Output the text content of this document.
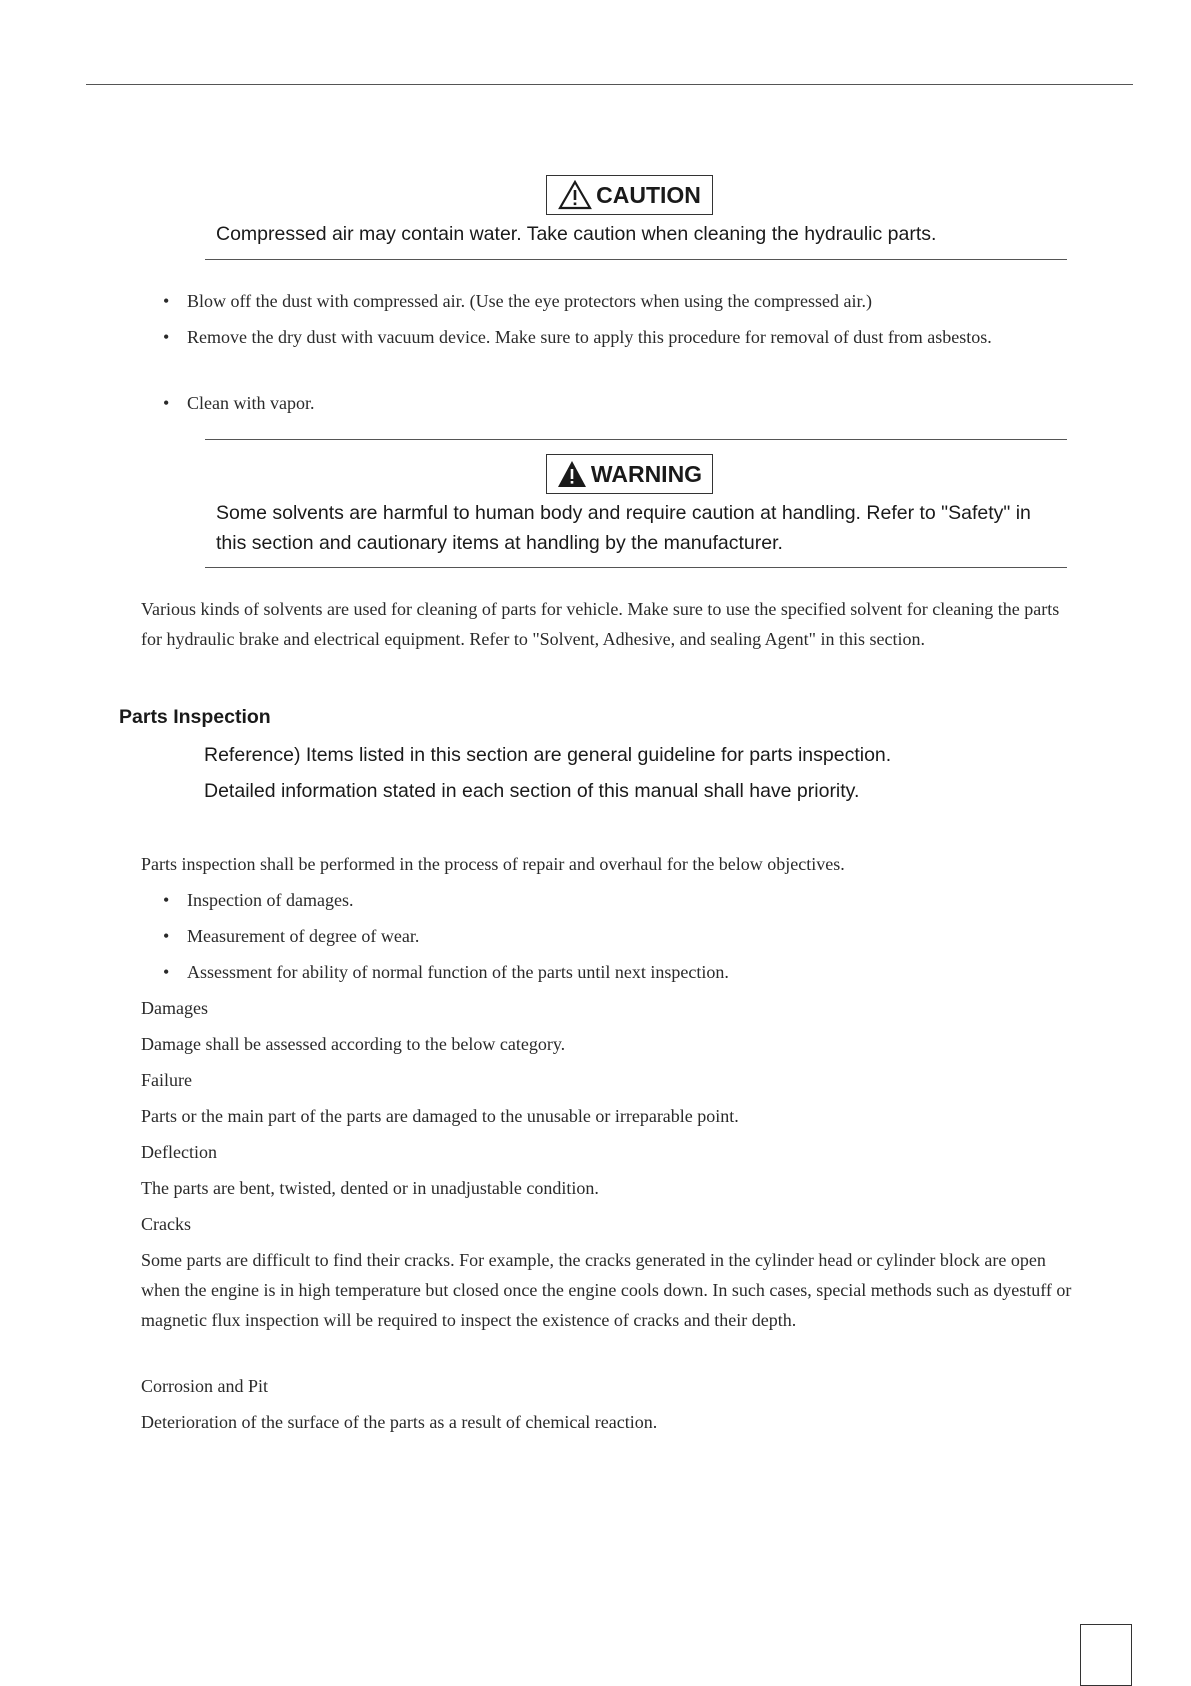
CAUTION
Compressed air may contain water. Take caution when cleaning the hydraulic parts.
• Blow off the dust with compressed air. (Use the eye protectors when using the compressed air.)
• Remove the dry dust with vacuum device. Make sure to apply this procedure for removal of dust from asbestos.
• Clean with vapor.
WARNING
Some solvents are harmful to human body and require caution at handling. Refer to "Safety" in this section and cautionary items at handling by the manufacturer.
Various kinds of solvents are used for cleaning of parts for vehicle. Make sure to use the specified solvent for cleaning the parts for hydraulic brake and electrical equipment. Refer to "Solvent, Adhesive, and sealing Agent" in this section.
Parts Inspection
Reference) Items listed in this section are general guideline for parts inspection.
Detailed information stated in each section of this manual shall have priority.
Parts inspection shall be performed in the process of repair and overhaul for the below objectives.
• Inspection of damages.
• Measurement of degree of wear.
• Assessment for ability of normal function of the parts until next inspection.
Damages
Damage shall be assessed according to the below category.
Failure
Parts or the main part of the parts are damaged to the unusable or irreparable point.
Deflection
The parts are bent, twisted, dented or in unadjustable condition.
Cracks
Some parts are difficult to find their cracks. For example, the cracks generated in the cylinder head or cylinder block are open when the engine is in high temperature but closed once the engine cools down. In such cases, special methods such as dyestuff or magnetic flux inspection will be required to inspect the existence of cracks and their depth.
Corrosion and Pit
Deterioration of the surface of the parts as a result of chemical reaction.
